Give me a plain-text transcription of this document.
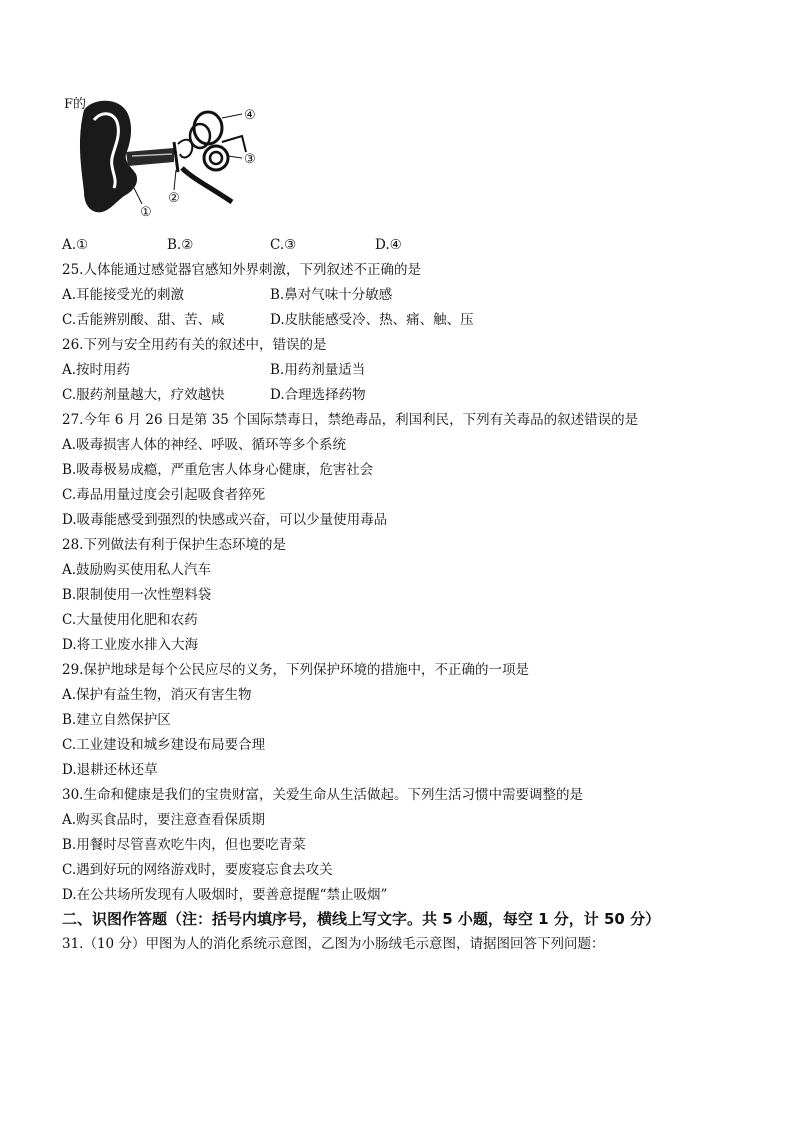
F的
④
③
②
①
A.①	B.②	C.③	D.④
25.人体能通过感觉器官感知外界刺激，下列叙述不正确的是
A.耳能接受光的刺激	B.鼻对气味十分敏感
C.舌能辨别酸、甜、苦、咸	D.皮肤能感受冷、热、痛、触、压
26.下列与安全用药有关的叙述中，错误的是
A.按时用药	B.用药剂量适当
C.服药剂量越大，疗效越快	D.合理选择药物
27.今年 6 月 26 日是第 35 个国际禁毒日，禁绝毒品，利国利民，下列有关毒品的叙述错误的是
A.吸毒损害人体的神经、呼吸、循环等多个系统
B.吸毒极易成瘾，严重危害人体身心健康，危害社会
C.毒品用量过度会引起吸食者猝死
D.吸毒能感受到强烈的快感或兴奋，可以少量使用毒品
28.下列做法有利于保护生态环境的是
A.鼓励购买使用私人汽车
B.限制使用一次性塑料袋
C.大量使用化肥和农药
D.将工业废水排入大海
29.保护地球是每个公民应尽的义务，下列保护环境的措施中，不正确的一项是
A.保护有益生物，消灭有害生物
B.建立自然保护区
C.工业建设和城乡建设布局要合理
D.退耕还林还草
30.生命和健康是我们的宝贵财富，关爱生命从生活做起。下列生活习惯中需要调整的是
A.购买食品时，要注意查看保质期
B.用餐时尽管喜欢吃牛肉，但也要吃青菜
C.遇到好玩的网络游戏时，要废寝忘食去攻关
D.在公共场所发现有人吸烟时，要善意提醒“禁止吸烟”
二、识图作答题（注：括号内填序号，横线上写文字。共 5 小题，每空 1 分，计 50 分）
31.（10 分）甲图为人的消化系统示意图，乙图为小肠绒毛示意图，请据图回答下列问题：
